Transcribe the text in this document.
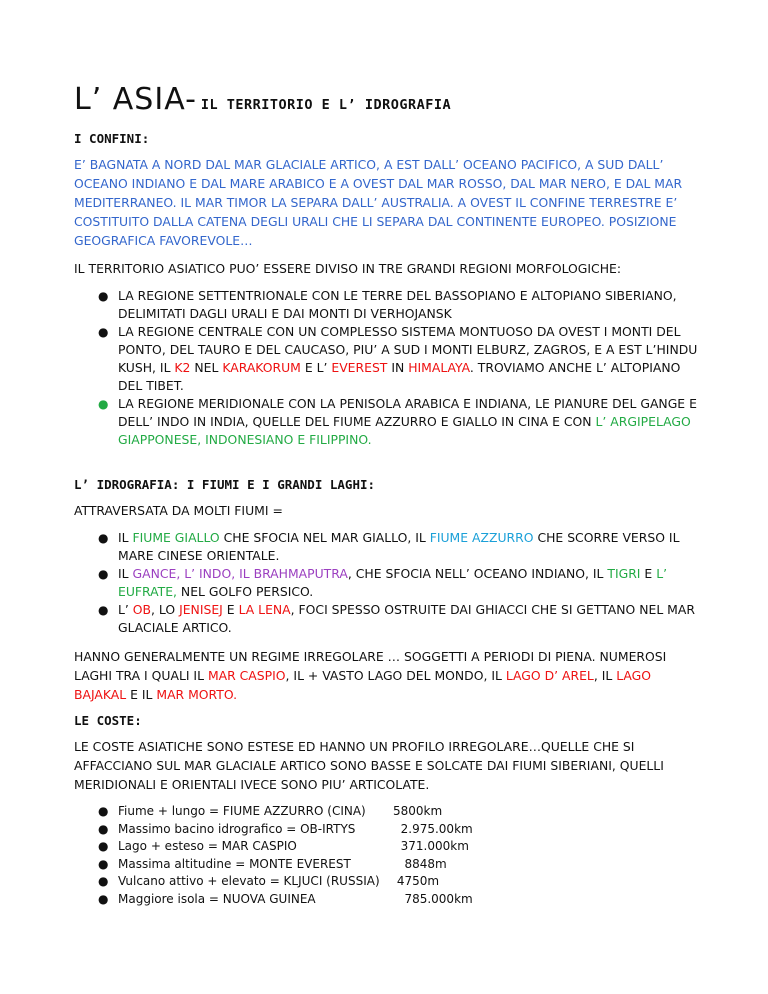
L’ ASIA- IL TERRITORIO E L’ IDROGRAFIA
I CONFINI:

E’ BAGNATA A NORD DAL MAR GLACIALE ARTICO, A EST DALL’ OCEANO PACIFICO, A SUD DALL’ OCEANO INDIANO E DAL MARE ARABICO E A OVEST DAL MAR ROSSO, DAL MAR NERO, E DAL MAR MEDITERRANEO. IL MAR TIMOR LA SEPARA DALL’ AUSTRALIA. A OVEST IL CONFINE TERRESTRE E’ COSTITUITO DALLA CATENA DEGLI URALI CHE LI SEPARA DAL CONTINENTE EUROPEO. POSIZIONE GEOGRAFICA FAVOREVOLE…

IL TERRITORIO ASIATICO PUO’ ESSERE DIVISO IN TRE GRANDI REGIONI MORFOLOGICHE:

● LA REGIONE SETTENTRIONALE CON LE TERRE DEL BASSOPIANO E ALTOPIANO SIBERIANO, DELIMITATI DAGLI URALI E DAI MONTI DI VERHOJANSK
● LA REGIONE CENTRALE CON UN COMPLESSO SISTEMA MONTUOSO DA OVEST I MONTI DEL PONTO, DEL TAURO E DEL CAUCASO, PIU’ A SUD I MONTI ELBURZ, ZAGROS, E A EST L’HINDU KUSH, IL K2 NEL KARAKORUM E L’ EVEREST IN HIMALAYA. TROVIAMO ANCHE L’ ALTOPIANO DEL TIBET.
● LA REGIONE MERIDIONALE CON LA PENISOLA ARABICA E INDIANA, LE PIANURE DEL GANGE E DELL’ INDO IN INDIA, QUELLE DEL FIUME AZZURRO E GIALLO IN CINA E CON L’ ARGIPELAGO GIAPPONESE, INDONESIANO E FILIPPINO.
L’ IDROGRAFIA: I FIUMI E I GRANDI LAGHI:

ATTRAVERSATA DA MOLTI FIUMI =

● IL FIUME GIALLO CHE SFOCIA NEL MAR GIALLO, IL FIUME AZZURRO CHE SCORRE VERSO IL MARE CINESE ORIENTALE.
● IL GANCE, L’ INDO, IL BRAHMAPUTRA, CHE SFOCIA NELL’ OCEANO INDIANO, IL TIGRI E L’ EUFRATE, NEL GOLFO PERSICO.
● L’ OB, LO JENISEJ E LA LENA, FOCI SPESSO OSTRUITE DAI GHIACCI CHE SI GETTANO NEL MAR GLACIALE ARTICO.

HANNO GENERALMENTE UN REGIME IRREGOLARE … SOGGETTI A PERIODI DI PIENA. NUMEROSI LAGHI TRA I QUALI IL MAR CASPIO, IL + VASTO LAGO DEL MONDO, IL LAGO D’ AREL, IL LAGO BAJAKAL E IL MAR MORTO.

LE COSTE:

LE COSTE ASIATICHE SONO ESTESE ED HANNO UN PROFILO IRREGOLARE…QUELLE CHE SI AFFACCIANO SUL MAR GLACIALE ARTICO SONO BASSE E SOLCATE DAI FIUMI SIBERIANI, QUELLI MERIDIONALI E ORIENTALI IVECE SONO PIU’ ARTICOLATE.

● Fiume + lungo = FIUME AZZURRO (CINA)	5800km
● Massimo bacino idrografico = OB-IRTYS	2.975.00km
● Lago + esteso = MAR CASPIO	371.000km
● Massima altitudine = MONTE EVEREST	8848m
● Vulcano attivo + elevato = KLJUCI (RUSSIA)	4750m
● Maggiore isola = NUOVA GUINEA	785.000km
